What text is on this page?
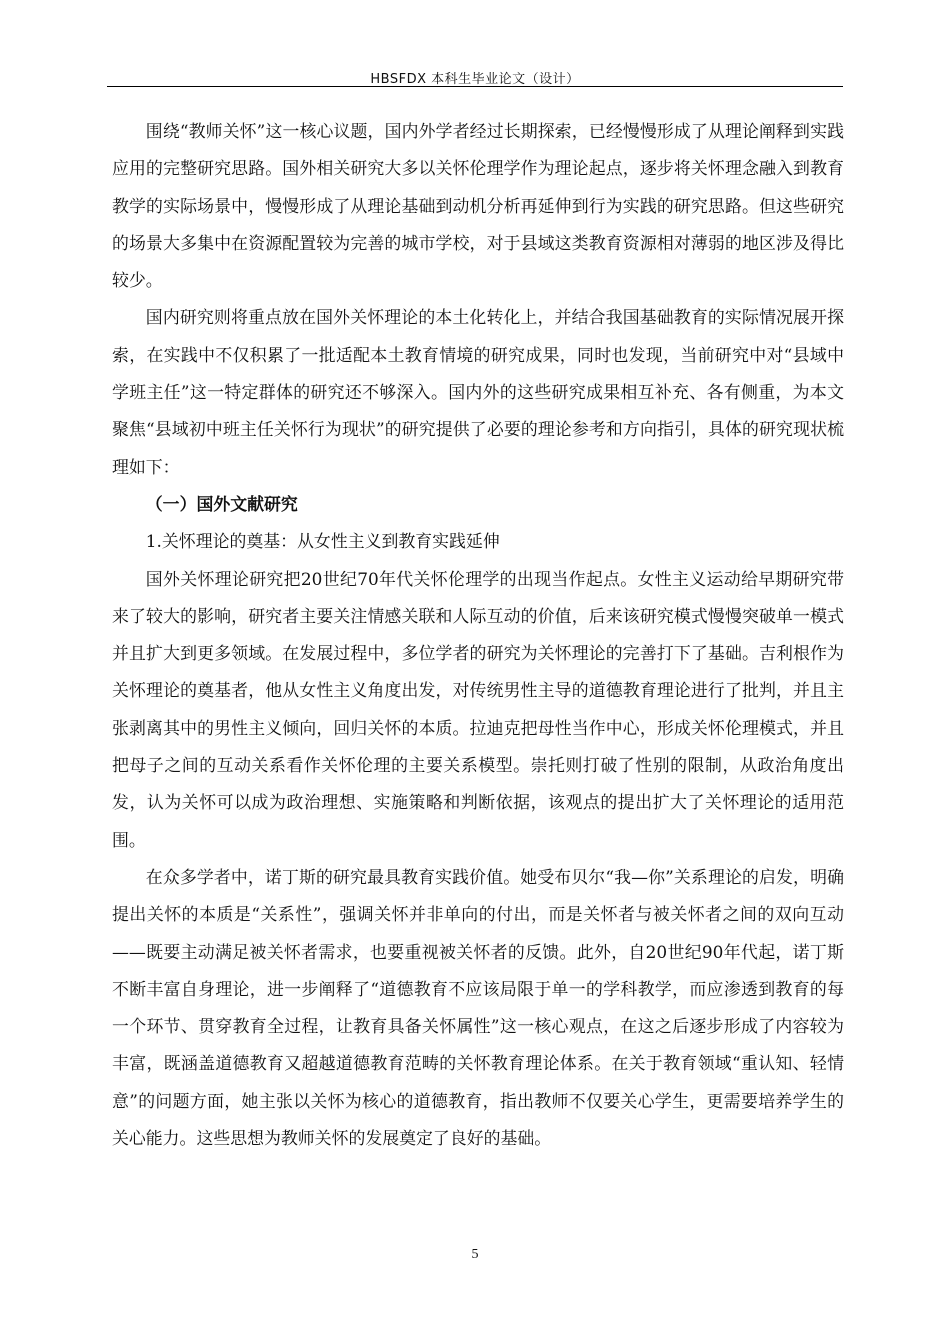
HBSFDX 本科生毕业论文（设计）

围绕“教师关怀”这一核心议题，国内外学者经过长期探索，已经慢慢形成了从理论阐释到实践应用的完整研究思路。国外相关研究大多以关怀伦理学作为理论起点，逐步将关怀理念融入到教育教学的实际场景中，慢慢形成了从理论基础到动机分析再延伸到行为实践的研究思路。但这些研究的场景大多集中在资源配置较为完善的城市学校，对于县域这类教育资源相对薄弱的地区涉及得比较少。

国内研究则将重点放在国外关怀理论的本土化转化上，并结合我国基础教育的实际情况展开探索，在实践中不仅积累了一批适配本土教育情境的研究成果，同时也发现，当前研究中对“县域中学班主任”这一特定群体的研究还不够深入。国内外的这些研究成果相互补充、各有侧重，为本文聚焦“县域初中班主任关怀行为现状”的研究提供了必要的理论参考和方向指引，具体的研究现状梳理如下：

（一）国外文献研究

1.关怀理论的奠基：从女性主义到教育实践延伸

国外关怀理论研究把20世纪70年代关怀伦理学的出现当作起点。女性主义运动给早期研究带来了较大的影响，研究者主要关注情感关联和人际互动的价值，后来该研究模式慢慢突破单一模式并且扩大到更多领域。在发展过程中，多位学者的研究为关怀理论的完善打下了基础。吉利根作为关怀理论的奠基者，他从女性主义角度出发，对传统男性主导的道德教育理论进行了批判，并且主张剥离其中的男性主义倾向，回归关怀的本质。拉迪克把母性当作中心，形成关怀伦理模式，并且把母子之间的互动关系看作关怀伦理的主要关系模型。崇托则打破了性别的限制，从政治角度出发，认为关怀可以成为政治理想、实施策略和判断依据，该观点的提出扩大了关怀理论的适用范围。

在众多学者中，诺丁斯的研究最具教育实践价值。她受布贝尔“我—你”关系理论的启发，明确提出关怀的本质是“关系性”，强调关怀并非单向的付出，而是关怀者与被关怀者之间的双向互动——既要主动满足被关怀者需求，也要重视被关怀者的反馈。此外，自20世纪90年代起，诺丁斯不断丰富自身理论，进一步阐释了“道德教育不应该局限于单一的学科教学，而应渗透到教育的每一个环节、贯穿教育全过程，让教育具备关怀属性”这一核心观点，在这之后逐步形成了内容较为丰富，既涵盖道德教育又超越道德教育范畴的关怀教育理论体系。在关于教育领域“重认知、轻情意”的问题方面，她主张以关怀为核心的道德教育，指出教师不仅要关心学生，更需要培养学生的关心能力。这些思想为教师关怀的发展奠定了良好的基础。

5
